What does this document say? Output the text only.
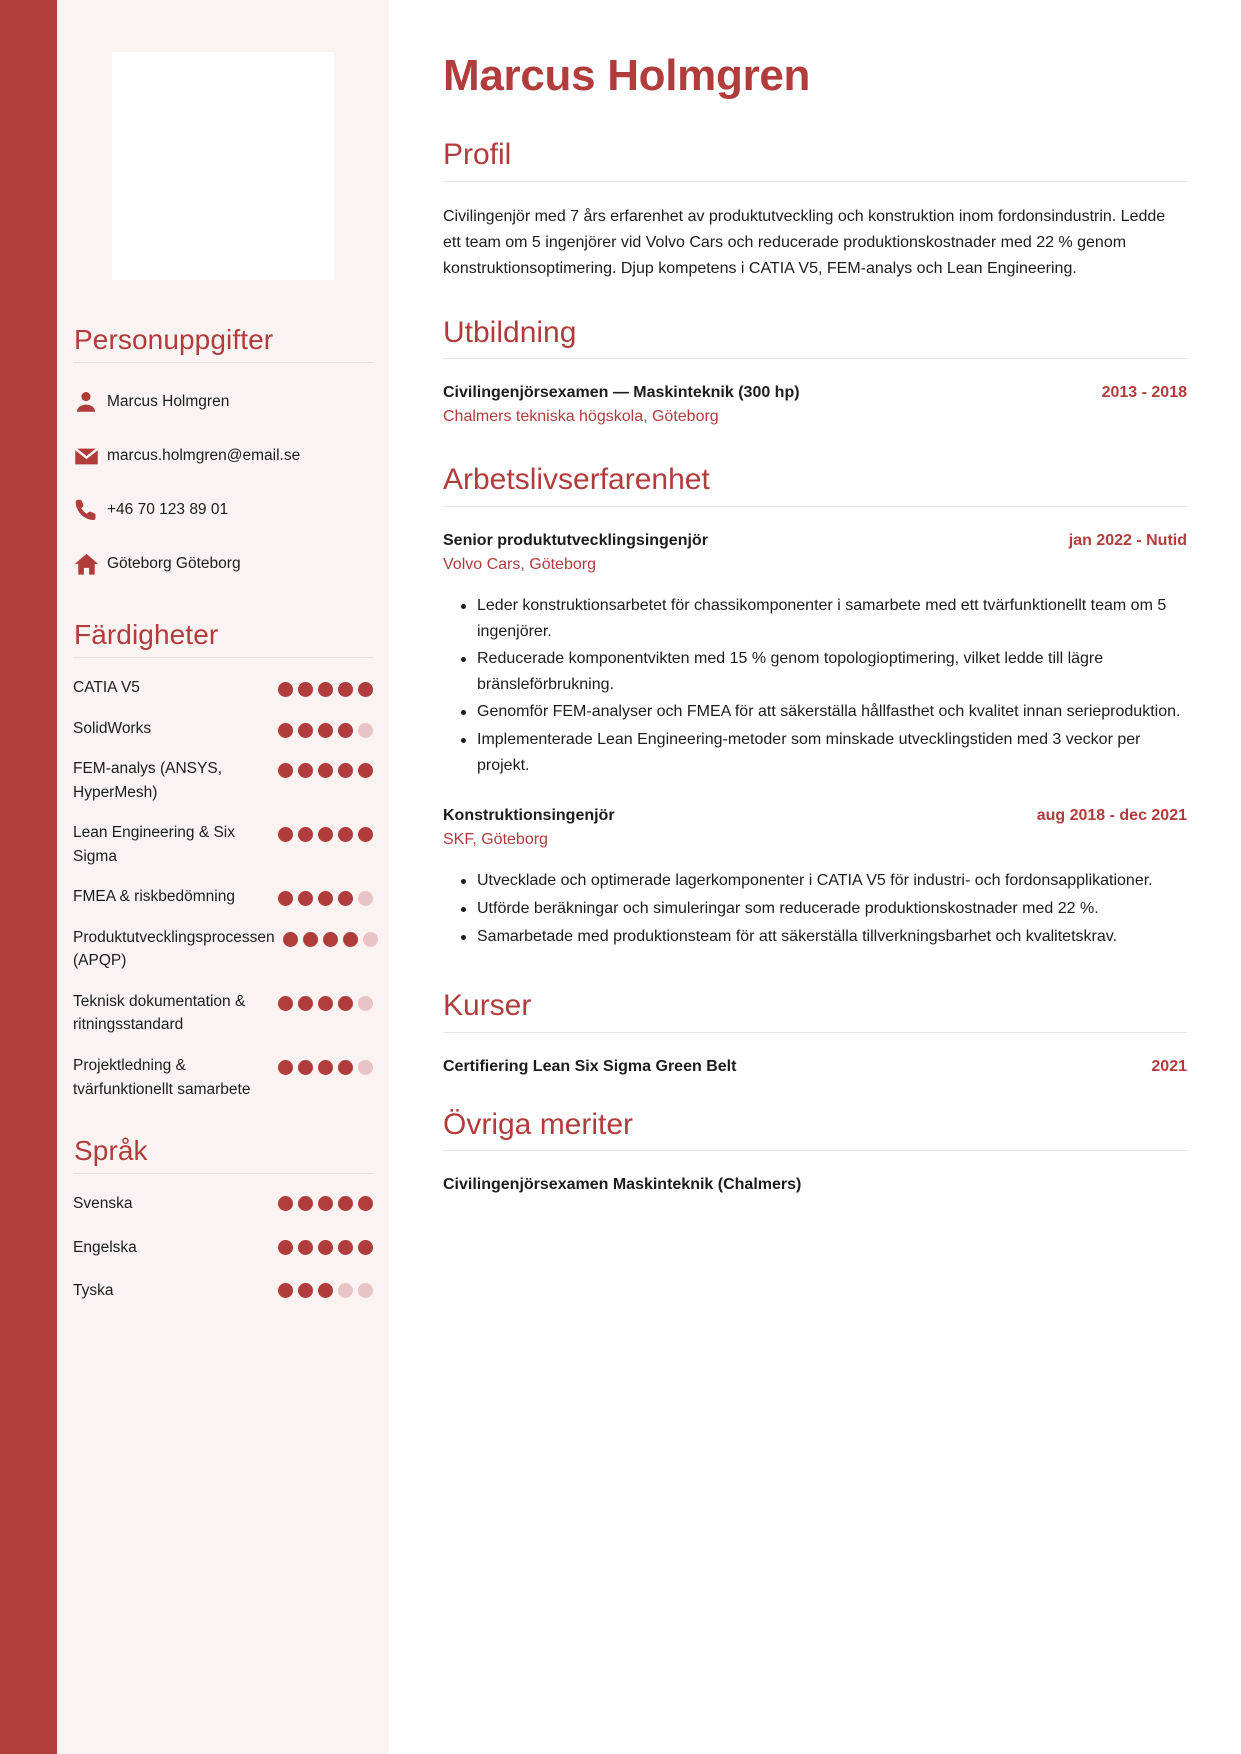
Personuppgifter
Marcus Holmgren
marcus.holmgren@email.se
+46 70 123 89 01
Göteborg Göteborg
Färdigheter
CATIA V5
SolidWorks
FEM-analys (ANSYS, HyperMesh)
Lean Engineering & Six Sigma
FMEA & riskbedömning
Produktutvecklingsprocessen (APQP)
Teknisk dokumentation & ritningsstandard
Projektledning & tvärfunktionellt samarbete
Språk
Svenska
Engelska
Tyska
Marcus Holmgren
Profil

Civilingenjör med 7 års erfarenhet av produktutveckling och konstruktion inom fordonsindustrin. Ledde ett team om 5 ingenjörer vid Volvo Cars och reducerade produktionskostnader med 22 % genom konstruktionsoptimering. Djup kompetens i CATIA V5, FEM-analys och Lean Engineering.

Utbildning
Civilingenjörsexamen — Maskinteknik (300 hp)	2013 - 2018
Chalmers tekniska högskola, Göteborg
Arbetslivserfarenhet
Senior produktutvecklingsingenjör	jan 2022 - Nutid
Volvo Cars, Göteborg
Leder konstruktionsarbetet för chassikomponenter i samarbete med ett tvärfunktionellt team om 5 ingenjörer.
Reducerade komponentvikten med 15 % genom topologioptimering, vilket ledde till lägre bränsleförbrukning.
Genomför FEM-analyser och FMEA för att säkerställa hållfasthet och kvalitet innan serieproduktion.
Implementerade Lean Engineering-metoder som minskade utvecklingstiden med 3 veckor per projekt.
Konstruktionsingenjör	aug 2018 - dec 2021
SKF, Göteborg
Utvecklade och optimerade lagerkomponenter i CATIA V5 för industri- och fordonsapplikationer.
Utförde beräkningar och simuleringar som reducerade produktionskostnader med 22 %.
Samarbetade med produktionsteam för att säkerställa tillverkningsbarhet och kvalitetskrav.
Kurser
Certifiering Lean Six Sigma Green Belt	2021
Övriga meriter
Civilingenjörsexamen Maskinteknik (Chalmers)
